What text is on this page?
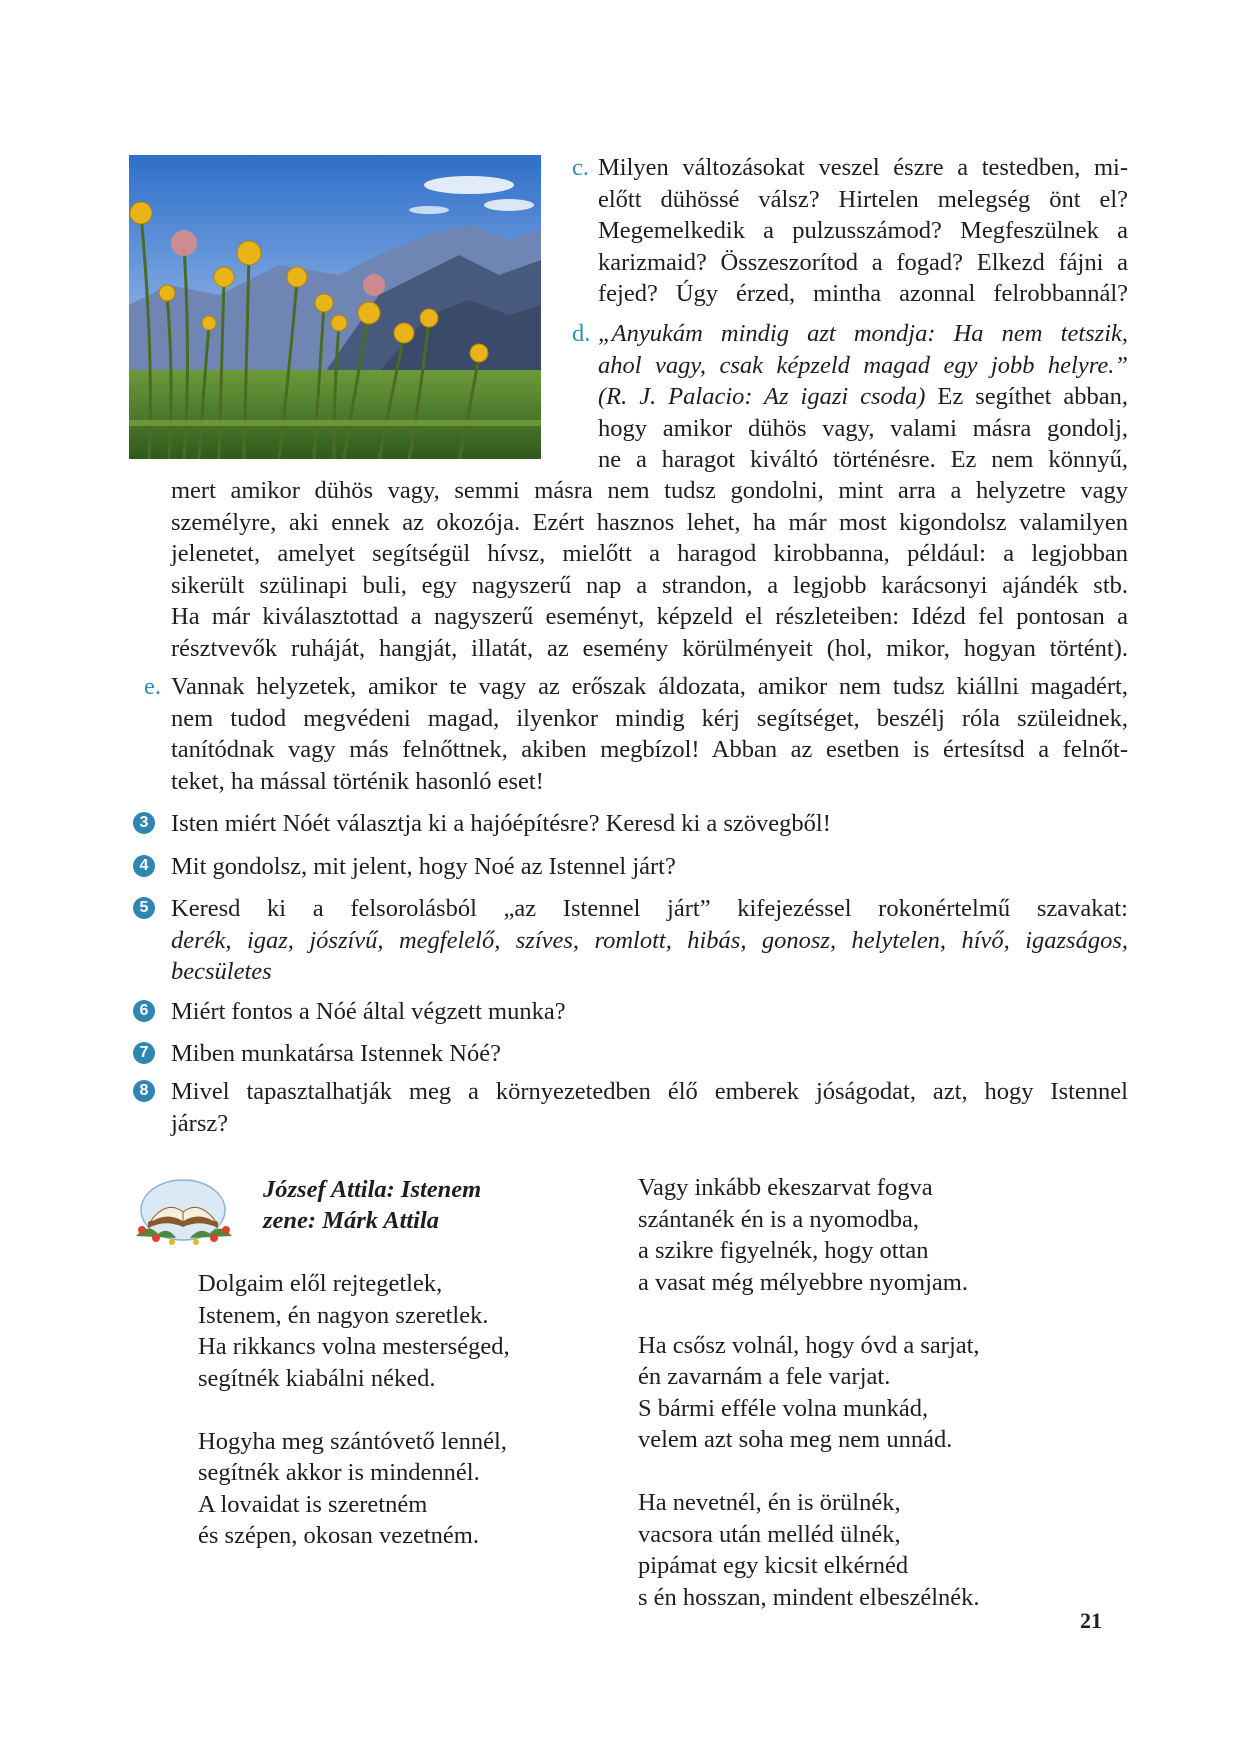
c. Milyen változásokat veszel észre a testedben, mi-
előtt dühössé válsz? Hirtelen melegség önt el?
Megemelkedik a pulzusszámod? Megfeszülnek a
karizmaid? Összeszorítod a fogad? Elkezd fájni a
fejed? Úgy érzed, mintha azonnal felrobbannál?
d. „Anyukám mindig azt mondja: Ha nem tetszik,
ahol vagy, csak képzeld magad egy jobb helyre.”
(R. J. Palacio: Az igazi csoda) Ez segíthet abban,
hogy amikor dühös vagy, valami másra gondolj,
ne a haragot kiváltó történésre. Ez nem könnyű,
mert amikor dühös vagy, semmi másra nem tudsz gondolni, mint arra a helyzetre vagy
személyre, aki ennek az okozója. Ezért hasznos lehet, ha már most kigondolsz valamilyen
jelenetet, amelyet segítségül hívsz, mielőtt a haragod kirobbanna, például: a legjobban
sikerült szülinapi buli, egy nagyszerű nap a strandon, a legjobb karácsonyi ajándék stb.
Ha már kiválasztottad a nagyszerű eseményt, képzeld el részleteiben: Idézd fel pontosan a
résztvevők ruháját, hangját, illatát, az esemény körülményeit (hol, mikor, hogyan történt).
e. Vannak helyzetek, amikor te vagy az erőszak áldozata, amikor nem tudsz kiállni magadért,
nem tudod megvédeni magad, ilyenkor mindig kérj segítséget, beszélj róla szüleidnek,
tanítódnak vagy más felnőttnek, akiben megbízol! Abban az esetben is értesítsd a felnőt-
teket, ha mással történik hasonló eset!
3 Isten miért Nóét választja ki a hajóépítésre? Keresd ki a szövegből!
4 Mit gondolsz, mit jelent, hogy Noé az Istennel járt?
5 Keresd ki a felsorolásból „az Istennel járt” kifejezéssel rokonértelmű szavakat:
derék, igaz, jószívű, megfelelő, szíves, romlott, hibás, gonosz, helytelen, hívő, igazságos,
becsületes
6 Miért fontos a Nóé által végzett munka?
7 Miben munkatársa Istennek Nóé?
8 Mivel tapasztalhatják meg a környezetedben élő emberek jóságodat, azt, hogy Istennel
jársz?
József Attila: Istenem
zene: Márk Attila
Dolgaim elől rejtegetlek,
Istenem, én nagyon szeretlek.
Ha rikkancs volna mesterséged,
segítnék kiabálni néked.
Hogyha meg szántóvető lennél,
segítnék akkor is mindennél.
A lovaidat is szeretném
és szépen, okosan vezetném.
Vagy inkább ekeszarvat fogva
szántanék én is a nyomodba,
a szikre figyelnék, hogy ottan
a vasat még mélyebbre nyomjam.
Ha csősz volnál, hogy óvd a sarjat,
én zavarnám a fele varjat.
S bármi efféle volna munkád,
velem azt soha meg nem unnád.
Ha nevetnél, én is örülnék,
vacsora után melléd ülnék,
pipámat egy kicsit elkérnéd
s én hosszan, mindent elbeszélnék.
21
